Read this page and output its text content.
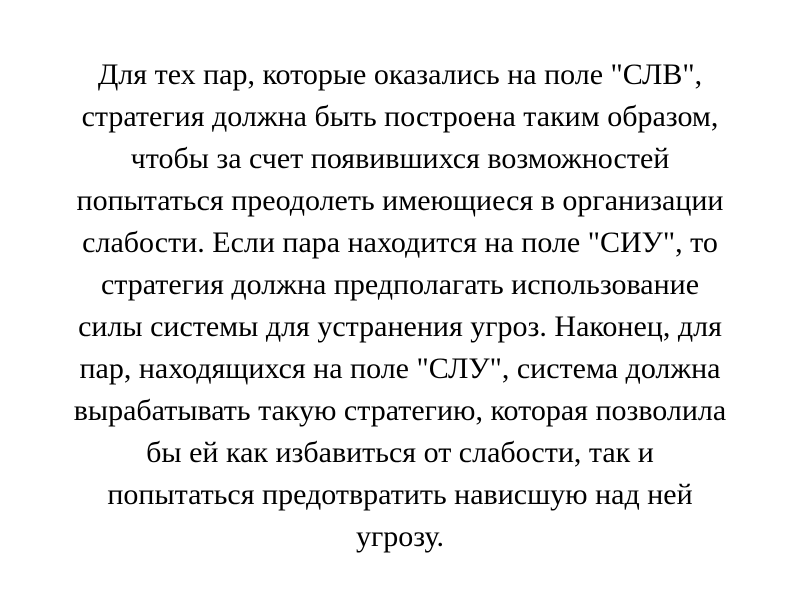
Для тех пар, которые оказались на поле "СЛВ",
стратегия должна быть построена таким образом,
чтобы за счет появившихся возможностей
попытаться преодолеть имеющиеся в организации
слабости. Если пара находится на поле "СИУ", то
стратегия должна предполагать использование
силы системы для устранения угроз. Наконец, для
пар, находящихся на поле "СЛУ", система должна
вырабатывать такую стратегию, которая позволила
бы ей как избавиться от слабости, так и
попытаться предотвратить нависшую над ней
угрозу.
